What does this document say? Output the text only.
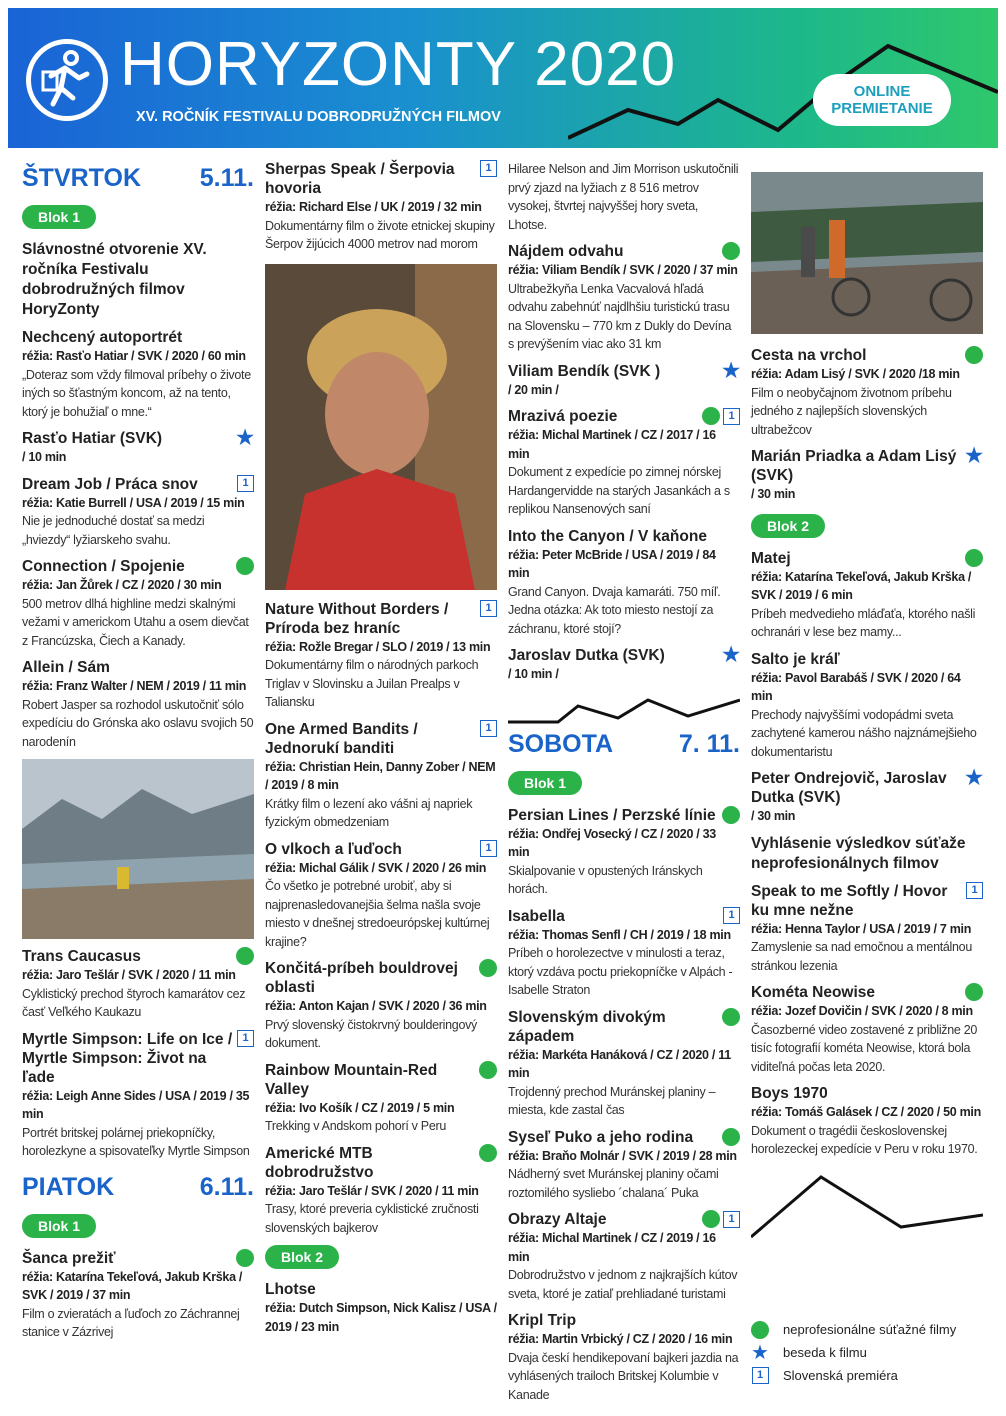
HORYZONTY 2020
XV. ROČNÍK FESTIVALU DOBRODRUŽNÝCH FILMOV
ONLINE PREMIETANIE
ŠTVRTOK 5.11.
Blok 1
Slávnostné otvorenie XV. ročníka Festivalu dobrodružných filmov HoryZonty
Nechcený autoportrét
réžia: Rasťo Hatiar / SVK / 2020 / 60 min
„Doteraz som vždy filmoval príbehy o živote iných so šťastným koncom, až na tento, ktorý je bohužiaľ o mne.“
Rasťo Hatiar (SVK)	★
/ 10 min
Dream Job / Práca snov	1
réžia: Katie Burrell / USA / 2019 / 15 min
Nie je jednoduché dostať sa medzi „hviezdy“ lyžiarskeho svahu.
Connection / Spojenie
réžia: Jan Žůrek / CZ / 2020 / 30 min
500 metrov dlhá highline medzi skalnými vežami v americkom Utahu a osem dievčat z Francúzska, Čiech a Kanady.
Allein / Sám
réžia: Franz Walter / NEM / 2019 / 11 min
Robert Jasper sa rozhodol uskutočniť sólo expedíciu do Grónska ako oslavu svojich 50 narodenín
Trans Caucasus
réžia: Jaro Tešlár / SVK / 2020 / 11 min
Cyklistický prechod štyroch kamarátov cez časť Veľkého Kaukazu
Myrtle Simpson: Life on Ice / Myrtle Simpson: Život na ľade
1
réžia: Leigh Anne Sides / USA / 2019 / 35 min
Portrét britskej polárnej priekopníčky, horolezkyne a spisovateľky Myrtle Simpson
PIATOK	6.11.
Blok 1
Šanca prežiť
réžia: Katarína Tekeľová, Jakub Krška / SVK / 2019 / 37 min
Film o zvieratách a ľuďoch zo Záchrannej stanice v Zázrivej
Sherpas Speak / Šerpovia hovoria
1
réžia: Richard Else / UK / 2019 / 32 min
Dokumentárny film o živote etnickej skupiny Šerpov žijúcich 4000 metrov nad morom
Nature Without Borders / Príroda bez hraníc
1
réžia: Rožle Bregar / SLO / 2019 / 13 min
Dokumentárny film o národných parkoch Triglav v Slovinsku a Juilan Prealps v Taliansku
One Armed Bandits / Jednorukí banditi
1
réžia: Christian Hein, Danny Zober / NEM / 2019 / 8 min
Krátky film o lezení ako vášni aj napriek fyzickým obmedzeniam
O vlkoch a ľuďoch	1
réžia: Michal Gálik / SVK / 2020 / 26 min
Čo všetko je potrebné urobiť, aby si najprenasledovanejšia šelma našla svoje miesto v dnešnej stredoeurópskej kultúrnej krajine?
Končitá-príbeh bouldrovej oblasti
réžia: Anton Kajan / SVK / 2020 / 36 min
Prvý slovenský čistokrvný boulderingový dokument.
Rainbow Mountain-Red Valley
réžia: Ivo Košík / CZ / 2019 / 5 min
Trekking v Andskom pohorí v Peru
Americké MTB dobrodružstvo
réžia: Jaro Tešlár / SVK / 2020 / 11 min
Trasy, ktoré preveria cyklistické zručnosti slovenských bajkerov
Blok 2
Lhotse
réžia: Dutch Simpson, Nick Kalisz / USA / 2019 / 23 min
Hilaree Nelson and Jim Morrison uskutočnili prvý zjazd na lyžiach z 8 516 metrov vysokej, štvrtej najvyššej hory sveta, Lhotse.
Nájdem odvahu
réžia: Viliam Bendík / SVK / 2020 / 37 min
Ultrabežkyňa Lenka Vacvalová hľadá odvahu zabehnúť najdlhšiu turistickú trasu na Slovensku – 770 km z Dukly do Devína s prevýšením viac ako 31 km
Viliam Bendík (SVK )	★
/ 20 min /
Mrazivá poezie	1
réžia: Michal Martinek / CZ / 2017 / 16 min
Dokument z expedície po zimnej nórskej Hardangervidde na starých Jasankách a s replikou Nansenových saní
Into the Canyon / V kaňone
réžia: Peter McBride / USA / 2019 / 84 min
Grand Canyon. Dvaja kamaráti. 750 míľ. Jedna otázka: Ak toto miesto nestojí za záchranu, ktoré stojí?
Jaroslav Dutka (SVK)	★
/ 10 min /
SOBOTA	7. 11.
Blok 1
Persian Lines / Perzské línie
réžia: Ondřej Vosecký / CZ / 2020 / 33 min
Skialpovanie v opustených Iránskych horách.
Isabella	1
réžia: Thomas Senfl / CH / 2019 / 18 min
Príbeh o horolezectve v minulosti a teraz, ktorý vzdáva poctu priekopníčke v Alpách - Isabelle Straton
Slovenským divokým západem
réžia: Markéta Hanáková / CZ / 2020 / 11 min
Trojdenný prechod Muránskej planiny – miesta, kde zastal čas
Syseľ Puko a jeho rodina
réžia: Braňo Molnár / SVK / 2019 / 28 min
Nádherný svet Muránskej planiny očami roztomilého sysliebo ´chalana´ Puka
Obrazy Altaje	1
réžia: Michal Martinek / CZ / 2019 / 16 min
Dobrodružstvo v jednom z najkrajších kútov sveta, ktoré je zatiaľ prehliadané turistami
Kripl Trip
réžia: Martin Vrbický / CZ / 2020 / 16 min
Dvaja českí hendikepovaní bajkeri jazdia na vyhlásených trailoch Britskej Kolumbie v Kanade
Cesta na vrchol
réžia: Adam Lisý / SVK / 2020 /18 min
Film o neobyčajnom životnom príbehu jedného z najlepších slovenských ultrabežcov
Marián Priadka a Adam Lisý (SVK)
★
/ 30 min
Blok 2
Matej
réžia: Katarína Tekeľová, Jakub Krška / SVK / 2019 / 6 min
Príbeh medvedieho mláďaťa, ktorého našli ochranári v lese bez mamy...
Salto je kráľ
réžia: Pavol Barabáš / SVK / 2020 / 64 min
Prechody najvyššími vodopádmi sveta zachytené kamerou nášho najznámejšieho dokumentaristu
Peter Ondrejovič, Jaroslav Dutka (SVK)
★
/ 30 min
Vyhlásenie výsledkov súťaže neprofesionálnych filmov
Speak to me Softly / Hovor ku mne nežne
1
réžia: Henna Taylor / USA / 2019 / 7 min
Zamyslenie sa nad emočnou a mentálnou stránkou lezenia
Kométa Neowise
réžia: Jozef Dovičin / SVK / 2020 / 8 min
Časozberné video zostavené z približne 20 tisíc fotografií kométa Neowise, ktorá bola viditeľná počas leta 2020.
Boys 1970
réžia: Tomáš Galásek / CZ / 2020 / 50 min
Dokument o tragédii československej horolezeckej expedície v Peru v roku 1970.
neprofesionálne súťažné filmy
★ beseda k filmu
1	Slovenská premiéra
